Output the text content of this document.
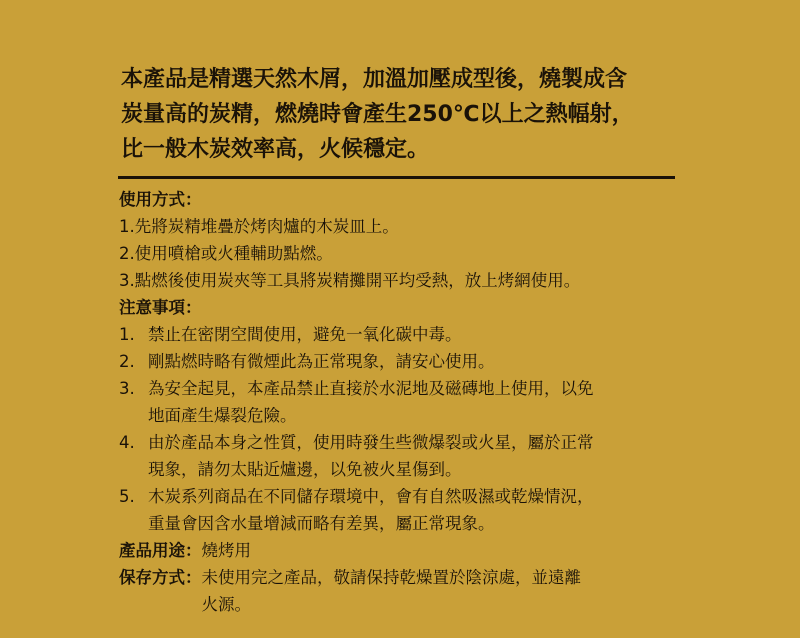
本產品是精選天然木屑，加溫加壓成型後，燒製成含
炭量高的炭精，燃燒時會產生250℃以上之熱幅射，
比一般木炭效率高，火候穩定。
使用方式：
1.先將炭精堆疊於烤肉爐的木炭皿上。
2.使用噴槍或火種輔助點燃。
3.點燃後使用炭夾等工具將炭精攤開平均受熱，放上烤網使用。
注意事項：
1. 禁止在密閉空間使用，避免一氧化碳中毒。
2. 剛點燃時略有微煙此為正常現象，請安心使用。
3. 為安全起見，本產品禁止直接於水泥地及磁磚地上使用，以免
地面產生爆裂危險。
4. 由於產品本身之性質，使用時發生些微爆裂或火星，屬於正常
現象，請勿太貼近爐邊，以免被火星傷到。
5. 木炭系列商品在不同儲存環境中，會有自然吸濕或乾燥情況，
重量會因含水量增減而略有差異，屬正常現象。
產品用途： 燒烤用
保存方式： 未使用完之產品，敬請保持乾燥置於陰涼處，並遠離
火源。
